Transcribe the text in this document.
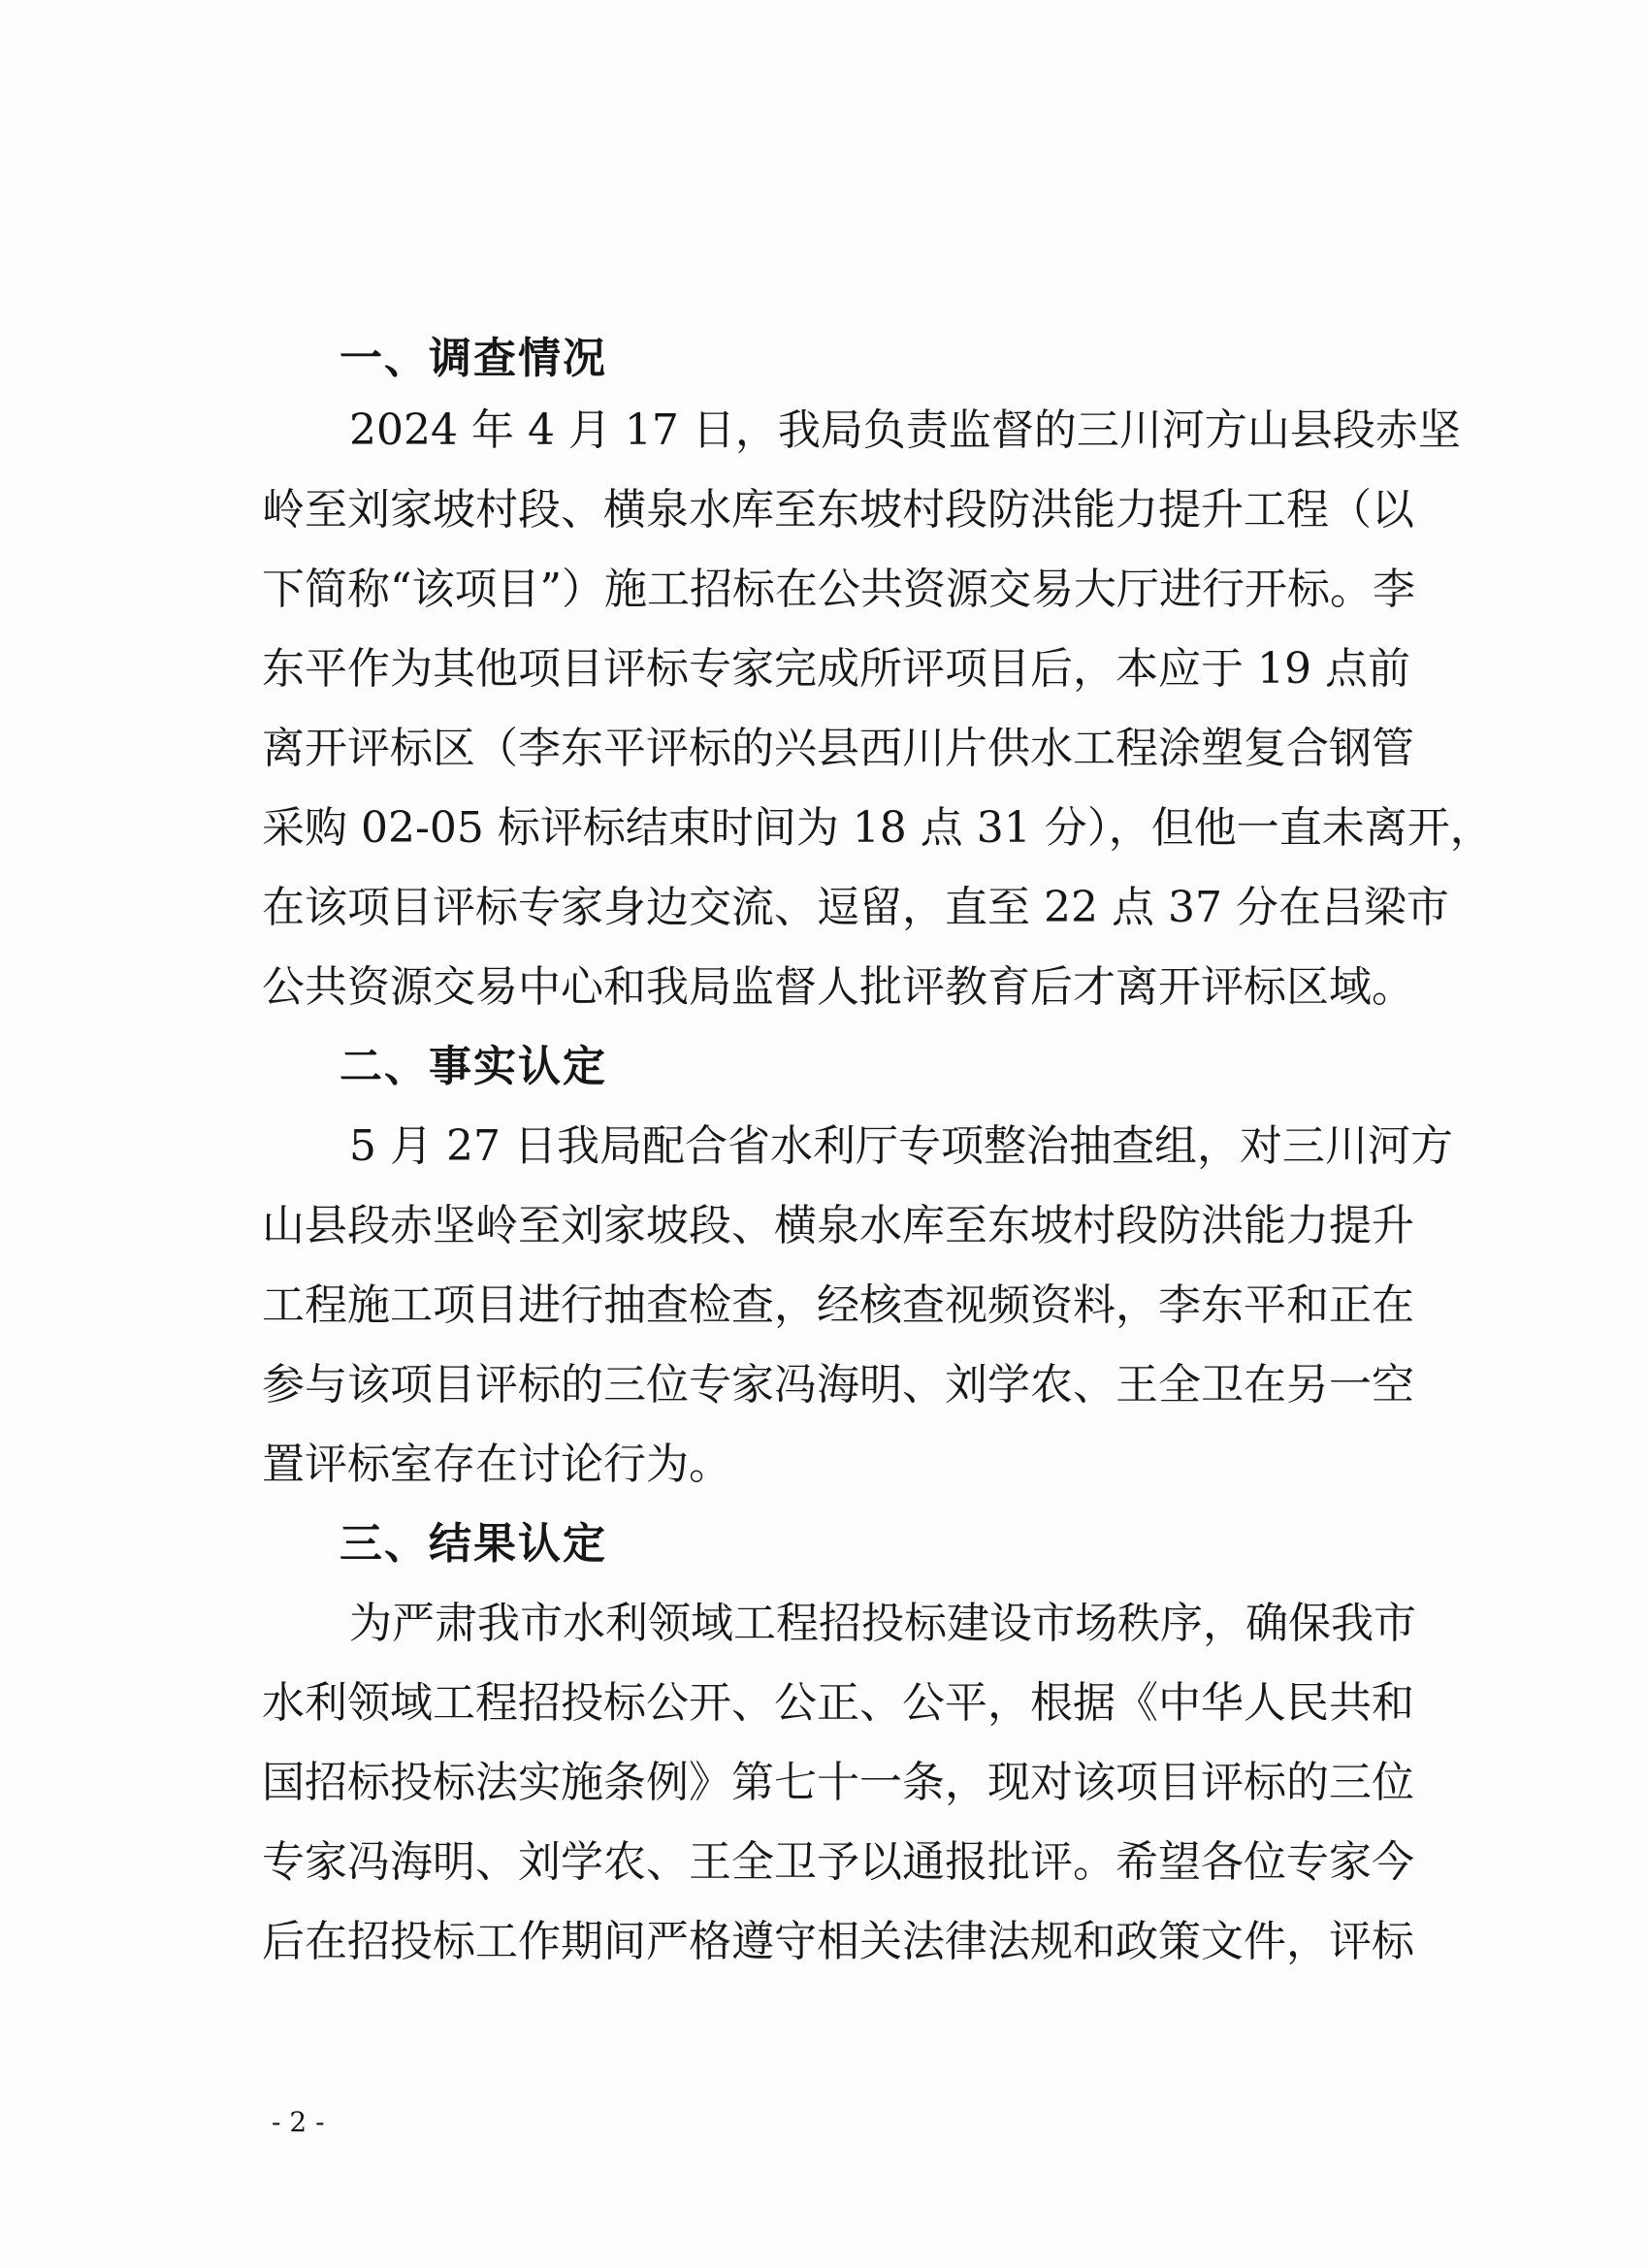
一、调查情况
2024 年 4 月 17 日，我局负责监督的三川河方山县段赤坚
岭至刘家坡村段、横泉水库至东坡村段防洪能力提升工程（以
下简称“该项目”）施工招标在公共资源交易大厅进行开标。李
东平作为其他项目评标专家完成所评项目后，本应于 19 点前
离开评标区（李东平评标的兴县西川片供水工程涂塑复合钢管
采购 02-05 标评标结束时间为 18 点 31 分），但他一直未离开，
在该项目评标专家身边交流、逗留，直至 22 点 37 分在吕梁市
公共资源交易中心和我局监督人批评教育后才离开评标区域。
二、事实认定
5 月 27 日我局配合省水利厅专项整治抽查组，对三川河方
山县段赤坚岭至刘家坡段、横泉水库至东坡村段防洪能力提升
工程施工项目进行抽查检查，经核查视频资料，李东平和正在
参与该项目评标的三位专家冯海明、刘学农、王全卫在另一空
置评标室存在讨论行为。
三、结果认定
为严肃我市水利领域工程招投标建设市场秩序，确保我市
水利领域工程招投标公开、公正、公平，根据《中华人民共和
国招标投标法实施条例》第七十一条，现对该项目评标的三位
专家冯海明、刘学农、王全卫予以通报批评。希望各位专家今
后在招投标工作期间严格遵守相关法律法规和政策文件，评标
- 2 -
